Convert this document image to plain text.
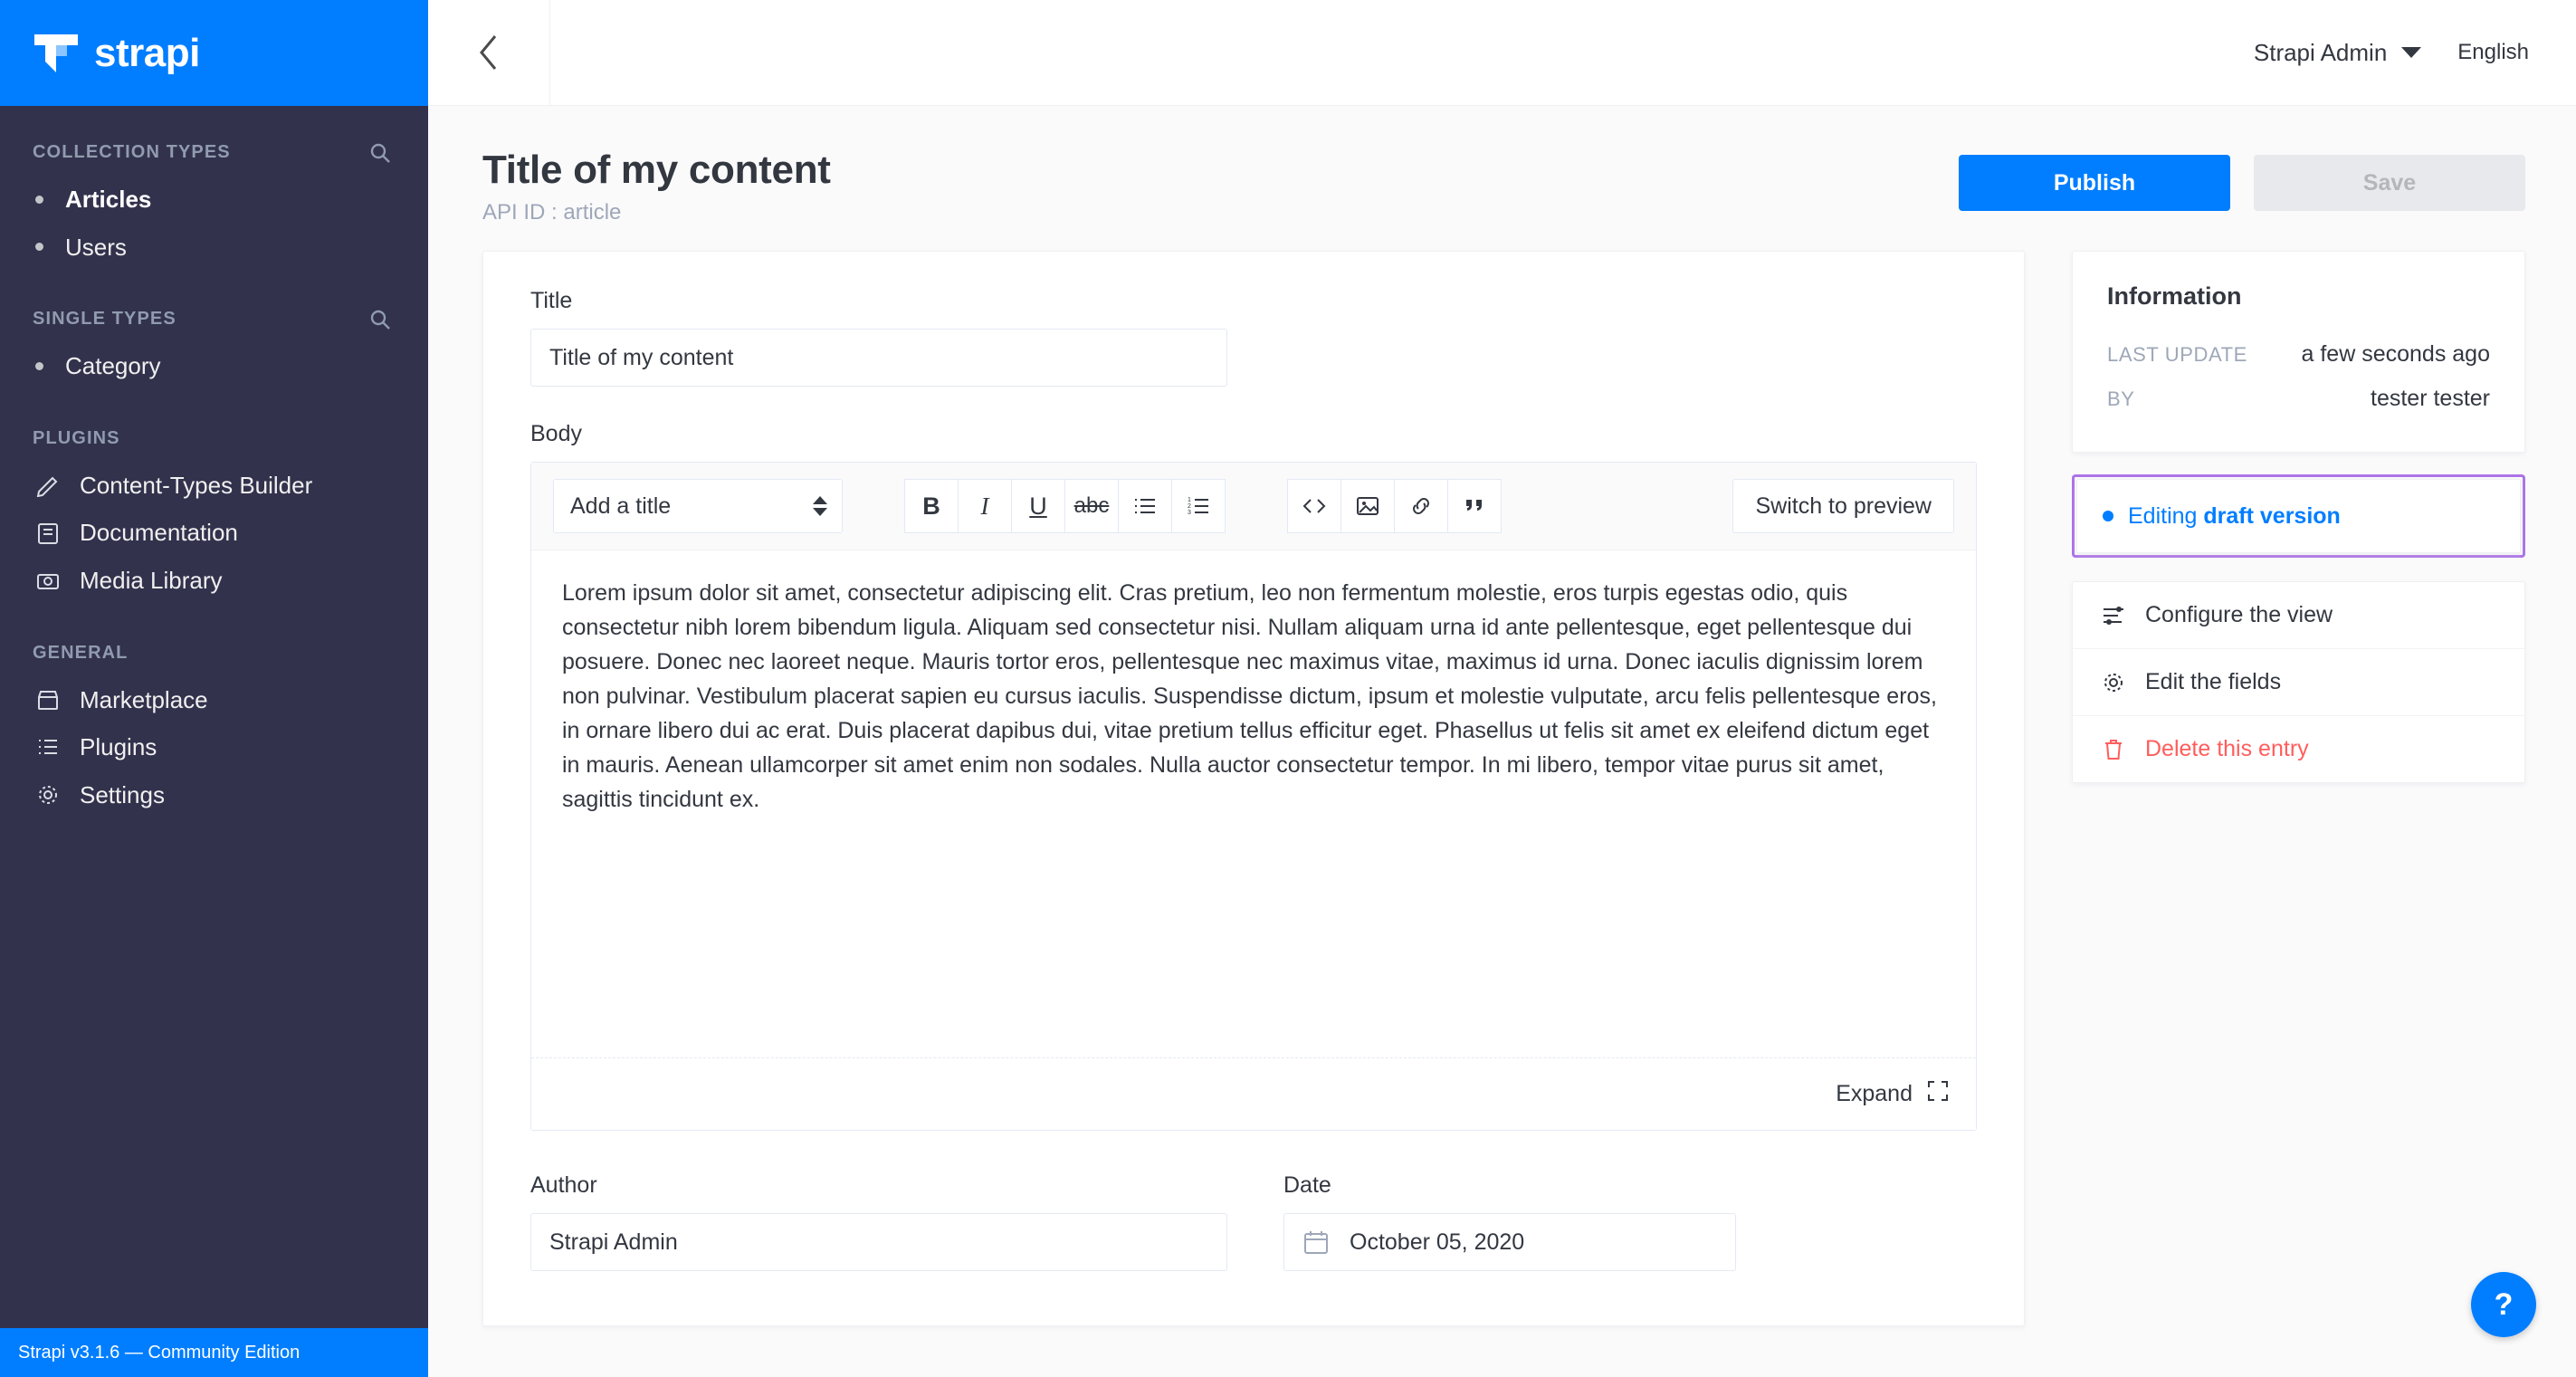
strapi
COLLECTION TYPES
Articles
Users
SINGLE TYPES
Category
PLUGINS
Content-Types Builder
Documentation
Media Library
GENERAL
Marketplace
Plugins
Settings
Strapi v3.1.6 — Community Edition
Strapi Admin	English
Title of my content
API ID : article
Publish	Save
Title
Title of my content
Body
Add a title	B I U abc	1
2
3	Switch to preview
Lorem ipsum dolor sit amet, consectetur adipiscing elit. Cras pretium, leo non fermentum molestie, eros turpis egestas odio, quis consectetur nibh lorem bibendum ligula. Aliquam sed consectetur nisi. Nullam aliquam urna id ante pellentesque, eget pellentesque dui posuere. Donec nec laoreet neque. Mauris tortor eros, pellentesque nec maximus vitae, maximus id urna. Donec iaculis dignissim lorem non pulvinar. Vestibulum placerat sapien eu cursus iaculis. Suspendisse dictum, ipsum et molestie vulputate, arcu felis pellentesque eros, in ornare libero dui ac erat. Duis placerat dapibus dui, vitae pretium tellus efficitur eget. Phasellus ut felis sit amet ex eleifend dictum eget in mauris. Aenean ullamcorper sit amet enim non sodales. Nulla auctor consectetur tempor. In mi libero, tempor vitae purus sit amet, sagittis tincidunt ex.
Expand
Author
Strapi Admin	Date
October 05, 2020
Information
LAST UPDATE a few seconds ago
BY	tester tester
Editing draft version
Configure the view
Edit the fields
Delete this entry
?
